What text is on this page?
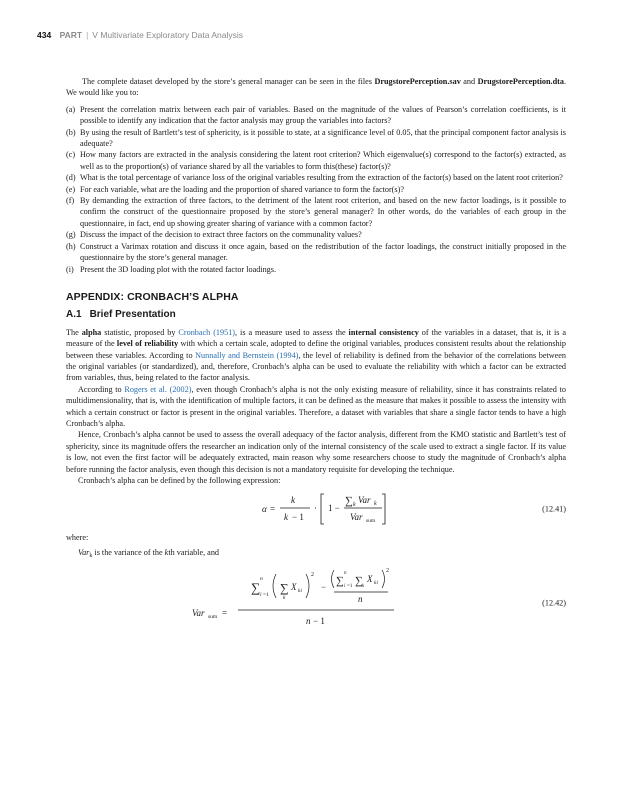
434 PART | V Multivariate Exploratory Data Analysis

The complete dataset developed by the store’s general manager can be seen in the files DrugstorePerception.sav and DrugstorePerception.dta. We would like you to:

(a) Present the correlation matrix between each pair of variables. Based on the magnitude of the values of Pearson’s correlation coefficients, is it possible to identify any indication that the factor analysis may group the variables into factors?
(b) By using the result of Bartlett’s test of sphericity, is it possible to state, at a significance level of 0.05, that the principal component factor analysis is adequate?
(c) How many factors are extracted in the analysis considering the latent root criterion? Which eigenvalue(s) correspond to the factor(s) extracted, as well as to the proportion(s) of variance shared by all the variables to form this(these) factor(s)?
(d) What is the total percentage of variance loss of the original variables resulting from the extraction of the factor(s) based on the latent root criterion?
(e) For each variable, what are the loading and the proportion of shared variance to form the factor(s)?
(f) By demanding the extraction of three factors, to the detriment of the latent root criterion, and based on the new factor loadings, is it possible to confirm the construct of the questionnaire proposed by the store’s general manager? In other words, do the variables of each group in the questionnaire, in fact, end up showing greater sharing of variance with a common factor?
(g) Discuss the impact of the decision to extract three factors on the communality values?
(h) Construct a Varimax rotation and discuss it once again, based on the redistribution of the factor loadings, the construct initially proposed in the questionnaire by the store’s general manager.
(i) Present the 3D loading plot with the rotated factor loadings.
APPENDIX: CRONBACH’S ALPHA
A.1 Brief Presentation

The alpha statistic, proposed by Cronbach (1951), is a measure used to assess the internal consistency of the variables in a dataset, that is, it is a measure of the level of reliability with which a certain scale, adopted to define the original variables, produces consistent results about the relationship between these variables. According to Nunnally and Bernstein (1994), the level of reliability is defined from the behavior of the correlations between the original variables (or standardized), and, therefore, Cronbach’s alpha can be used to evaluate the reliability with which a factor can be extracted from variables, thus, being related to the factor analysis.

According to Rogers et al. (2002), even though Cronbach’s alpha is not the only existing measure of reliability, since it has constraints related to multidimensionality, that is, with the identification of multiple factors, it can be defined as the measure that makes it possible to assess the intensity with which a certain construct or factor is present in the original variables. Therefore, a dataset with variables that share a single factor tends to have a high Cronbach’s alpha.

Hence, Cronbach’s alpha cannot be used to assess the overall adequacy of the factor analysis, different from the KMO statistic and Bartlett’s test of sphericity, since its magnitude offers the researcher an indication only of the internal consistency of the scale used to extract a single factor. If its value is low, not even the first factor will be adequately extracted, main reason why some researchers choose to study the magnitude of Cronbach’s alpha before running the factor analysis, even though this decision is not a mandatory requisite for developing the technique.

Cronbach’s alpha can be defined by the following expression:

α =
k
k − 1
· 1 −
∑ k Var k
Var sum
(12.41)

where:

Var$_k$ is the variance of the kth variable, and

Var sum =
∑
n
i =1 ∑
k
X ki
2
− ∑
n
i =1 ∑ k
X ki
2
n
n − 1
(12.42)
